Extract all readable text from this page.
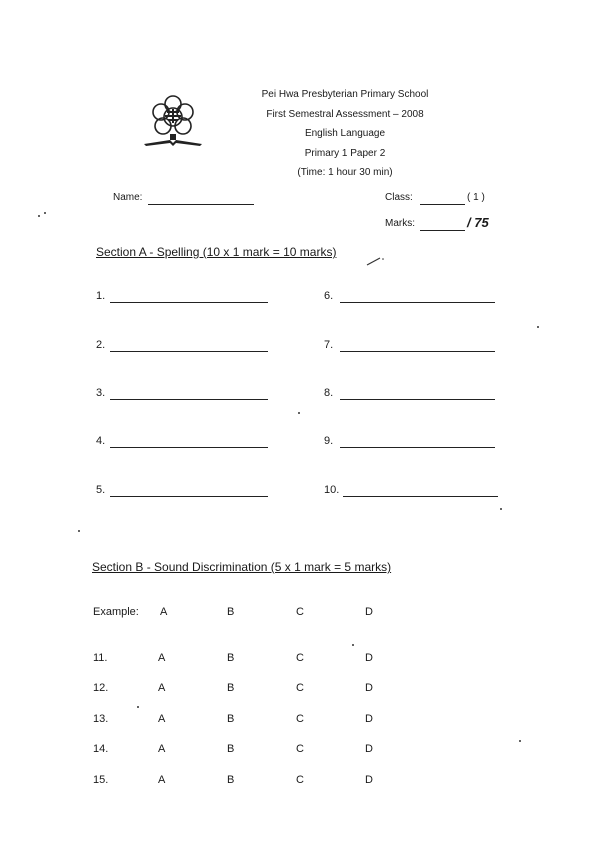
Pei Hwa Presbyterian Primary School
First Semestral Assessment – 2008
English Language
Primary 1 Paper 2
(Time: 1 hour 30 min)
Name:	Class:	( 1 )
Marks:	/ 75
Section A - Spelling (10 x 1 mark = 10 marks)
1.
2.
3.
4.
5.
6.
7.
8.
9.
10.
Section B - Sound Discrimination (5 x 1 mark = 5 marks)
Example: A	B	C	D
11.	A	B	C	D
12.	A	B	C	D
13.	A	B	C	D
14.	A	B	C	D
15.	A	B	C	D
